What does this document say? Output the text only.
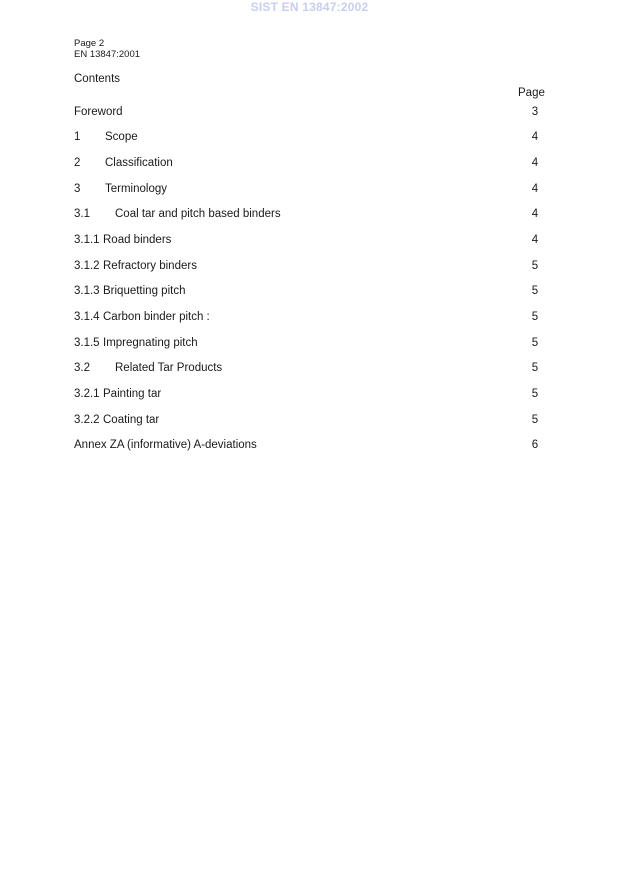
SIST EN 13847:2002
Page 2
EN 13847:2001
Contents
Page
Foreword	3
1 Scope	4
2 Classification	4
3 Terminology	4
3.1 Coal tar and pitch based binders	4
3.1.1 Road binders	4
3.1.2 Refractory binders	5
3.1.3 Briquetting pitch	5
3.1.4 Carbon binder pitch :	5
3.1.5 Impregnating pitch	5
3.2 Related Tar Products	5
3.2.1 Painting tar	5
3.2.2 Coating tar	5
Annex ZA (informative) A-deviations	6
